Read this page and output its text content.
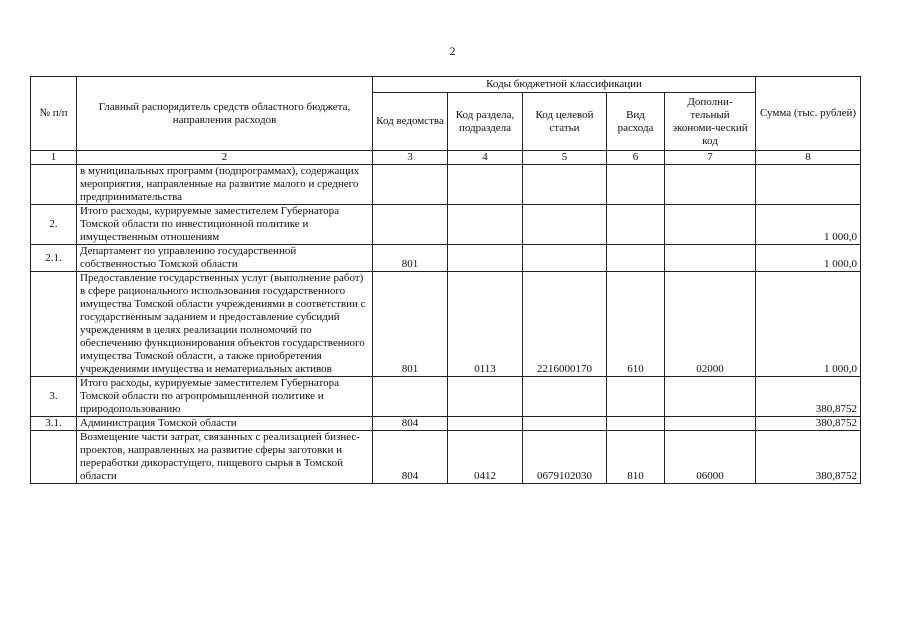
2
№ п/п	Главный распорядитель средств областного бюджета, направления расходов	Коды бюджетной классификации					Сумма (тыс. рублей)
		Код ведомства	Код раздела, подраздела	Код целевой статьи	Вид расхода	Дополни-тельный экономи-ческий код	
1	2	3	4	5	6	7	8
	в муниципальных программ (подпрограммах), содержащих мероприятия, направленные на развитие малого и среднего предпринимательства						
2.	Итого расходы, курируемые заместителем Губернатора Томской области по инвестиционной политике и имущественным отношениям						1 000,0
2.1.	Департамент по управлению государственной собственностью Томской области	801					1 000,0
	Предоставление государственных услуг (выполнение работ) в сфере рационального использования государственного имущества Томской области учреждениями в соответствии с государственным заданием и предоставление субсидий учреждениям в целях реализации полномочий по обеспечению функционирования объектов государственного имущества Томской области, а также приобретения учреждениями имущества и нематериальных активов	801	0113	2216000170	610	02000	1 000,0
3.	Итого расходы, курируемые заместителем Губернатора Томской области по агропромышленной политике и природопользованию						380,8752
3.1.	Администрация Томской области	804					380,8752
	Возмещение части затрат, связанных с реализацией бизнес-проектов, направленных на развитие сферы заготовки и переработки дикорастущего, пищевого сырья в Томской области	804	0412	0679102030	810	06000	380,8752
